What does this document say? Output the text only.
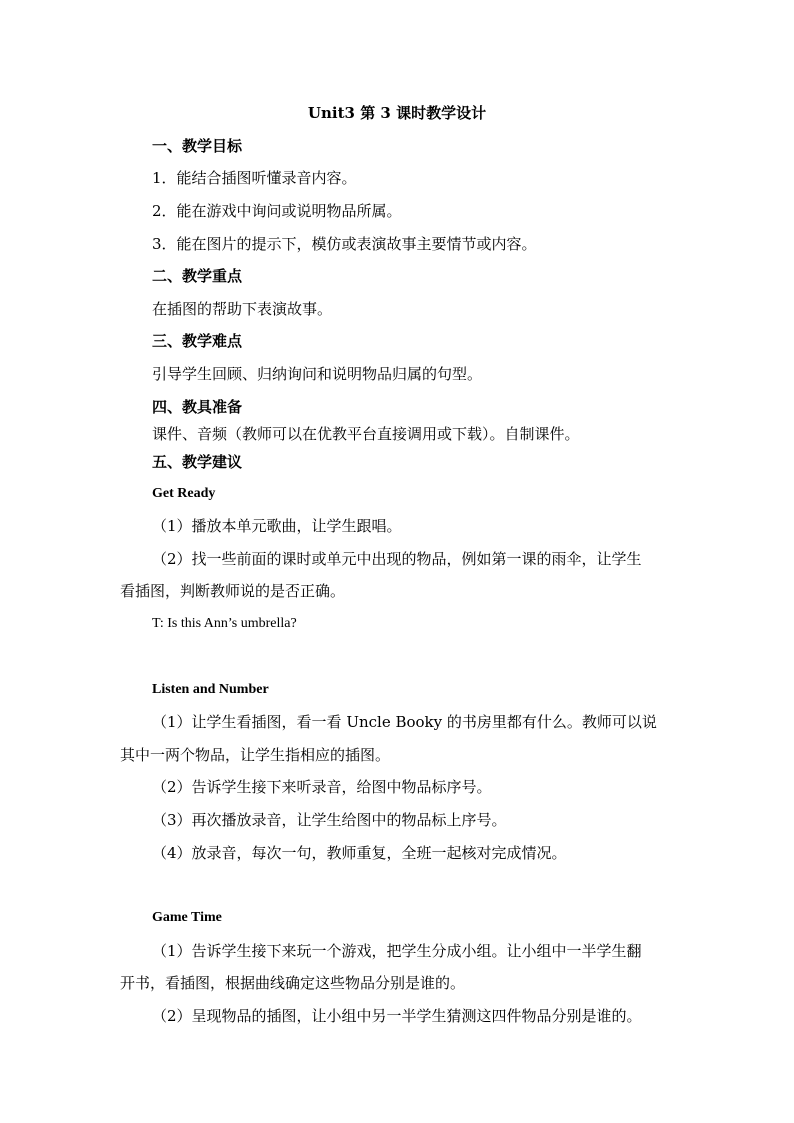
Unit3 第 3 课时教学设计
一、教学目标
1．能结合插图听懂录音内容。
2．能在游戏中询问或说明物品所属。
3．能在图片的提示下，模仿或表演故事主要情节或内容。
二、教学重点
在插图的帮助下表演故事。
三、教学难点
引导学生回顾、归纳询问和说明物品归属的句型。
四、教具准备
课件、音频（教师可以在优教平台直接调用或下载）。自制课件。
五、教学建议
Get Ready
（1）播放本单元歌曲，让学生跟唱。
（2）找一些前面的课时或单元中出现的物品，例如第一课的雨伞，让学生
看插图，判断教师说的是否正确。
T: Is this Ann’s umbrella?
Listen and Number
（1）让学生看插图，看一看 Uncle Booky 的书房里都有什么。教师可以说
其中一两个物品，让学生指相应的插图。
（2）告诉学生接下来听录音，给图中物品标序号。
（3）再次播放录音，让学生给图中的物品标上序号。
（4）放录音，每次一句，教师重复，全班一起核对完成情况。
Game Time
（1）告诉学生接下来玩一个游戏，把学生分成小组。让小组中一半学生翻
开书，看插图，根据曲线确定这些物品分别是谁的。
（2）呈现物品的插图，让小组中另一半学生猜测这四件物品分别是谁的。
